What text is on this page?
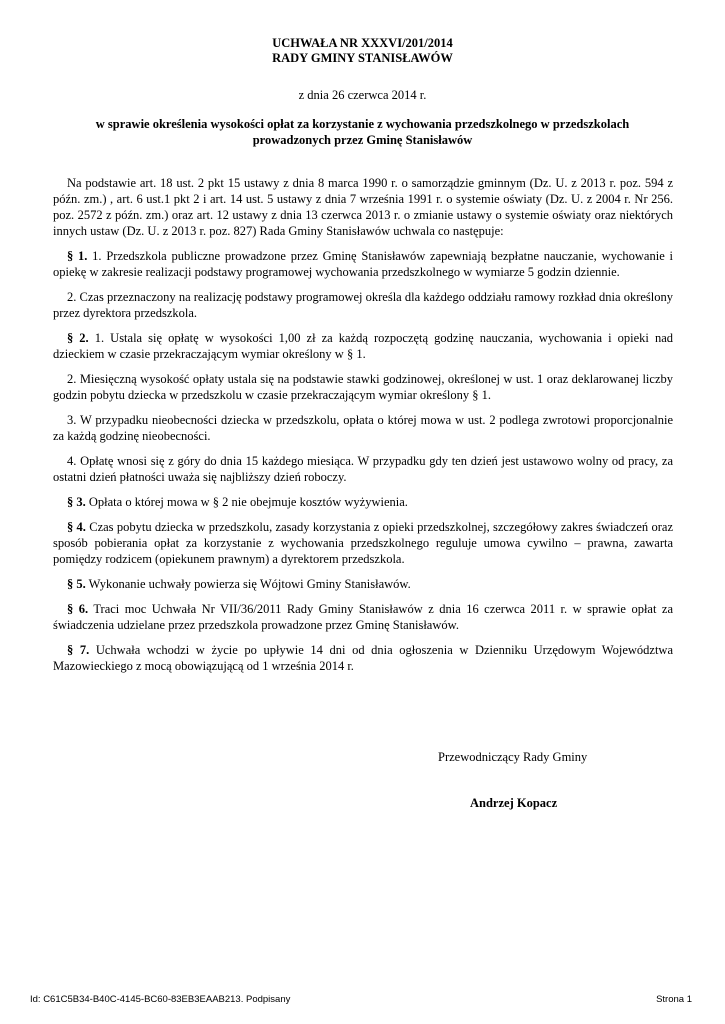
UCHWAŁA NR XXXVI/201/2014
RADY GMINY STANISŁAWÓW
z dnia 26 czerwca 2014 r.
w sprawie określenia wysokości opłat za korzystanie z wychowania przedszkolnego w przedszkolach prowadzonych przez Gminę Stanisławów

Na podstawie art. 18 ust. 2 pkt 15 ustawy z dnia 8 marca 1990 r. o samorządzie gminnym (Dz. U. z 2013 r. poz. 594 z późn. zm.) , art. 6 ust.1 pkt 2 i art. 14 ust. 5 ustawy z dnia 7 września 1991 r. o systemie oświaty (Dz. U. z 2004 r. Nr 256. poz. 2572 z późn. zm.) oraz art. 12 ustawy z dnia 13 czerwca 2013 r. o zmianie ustawy o systemie oświaty oraz niektórych innych ustaw (Dz. U. z 2013 r. poz. 827) Rada Gminy Stanisławów uchwala co następuje:

§ 1. 1. Przedszkola publiczne prowadzone przez Gminę Stanisławów zapewniają bezpłatne nauczanie, wychowanie i opiekę w zakresie realizacji podstawy programowej wychowania przedszkolnego w wymiarze 5 godzin dziennie.

2. Czas przeznaczony na realizację podstawy programowej określa dla każdego oddziału ramowy rozkład dnia określony przez dyrektora przedszkola.

§ 2. 1. Ustala się opłatę w wysokości 1,00 zł za każdą rozpoczętą godzinę nauczania, wychowania i opieki nad dzieckiem w czasie przekraczającym wymiar określony w § 1.

2. Miesięczną wysokość opłaty ustala się na podstawie stawki godzinowej, określonej w ust. 1 oraz deklarowanej liczby godzin pobytu dziecka w przedszkolu w czasie przekraczającym wymiar określony § 1.

3. W przypadku nieobecności dziecka w przedszkolu, opłata o której mowa w ust. 2 podlega zwrotowi proporcjonalnie za każdą godzinę nieobecności.

4. Opłatę wnosi się z góry do dnia 15 każdego miesiąca. W przypadku gdy ten dzień jest ustawowo wolny od pracy, za ostatni dzień płatności uważa się najbliższy dzień roboczy.

§ 3. Opłata o której mowa w § 2 nie obejmuje kosztów wyżywienia.

§ 4. Czas pobytu dziecka w przedszkolu, zasady korzystania z opieki przedszkolnej, szczegółowy zakres świadczeń oraz sposób pobierania opłat za korzystanie z wychowania przedszkolnego reguluje umowa cywilno – prawna, zawarta pomiędzy rodzicem (opiekunem prawnym) a dyrektorem przedszkola.

§ 5. Wykonanie uchwały powierza się Wójtowi Gminy Stanisławów.

§ 6. Traci moc Uchwała Nr VII/36/2011 Rady Gminy Stanisławów z dnia 16 czerwca 2011 r. w sprawie opłat za świadczenia udzielane przez przedszkola prowadzone przez Gminę Stanisławów.

§ 7. Uchwała wchodzi w życie po upływie 14 dni od dnia ogłoszenia w Dzienniku Urzędowym Województwa Mazowieckiego z mocą obowiązującą od 1 września 2014 r.

Przewodniczący Rady Gminy
Andrzej Kopacz
Id: C61C5B34-B40C-4145-BC60-83EB3EAAB213. Podpisany	Strona 1
